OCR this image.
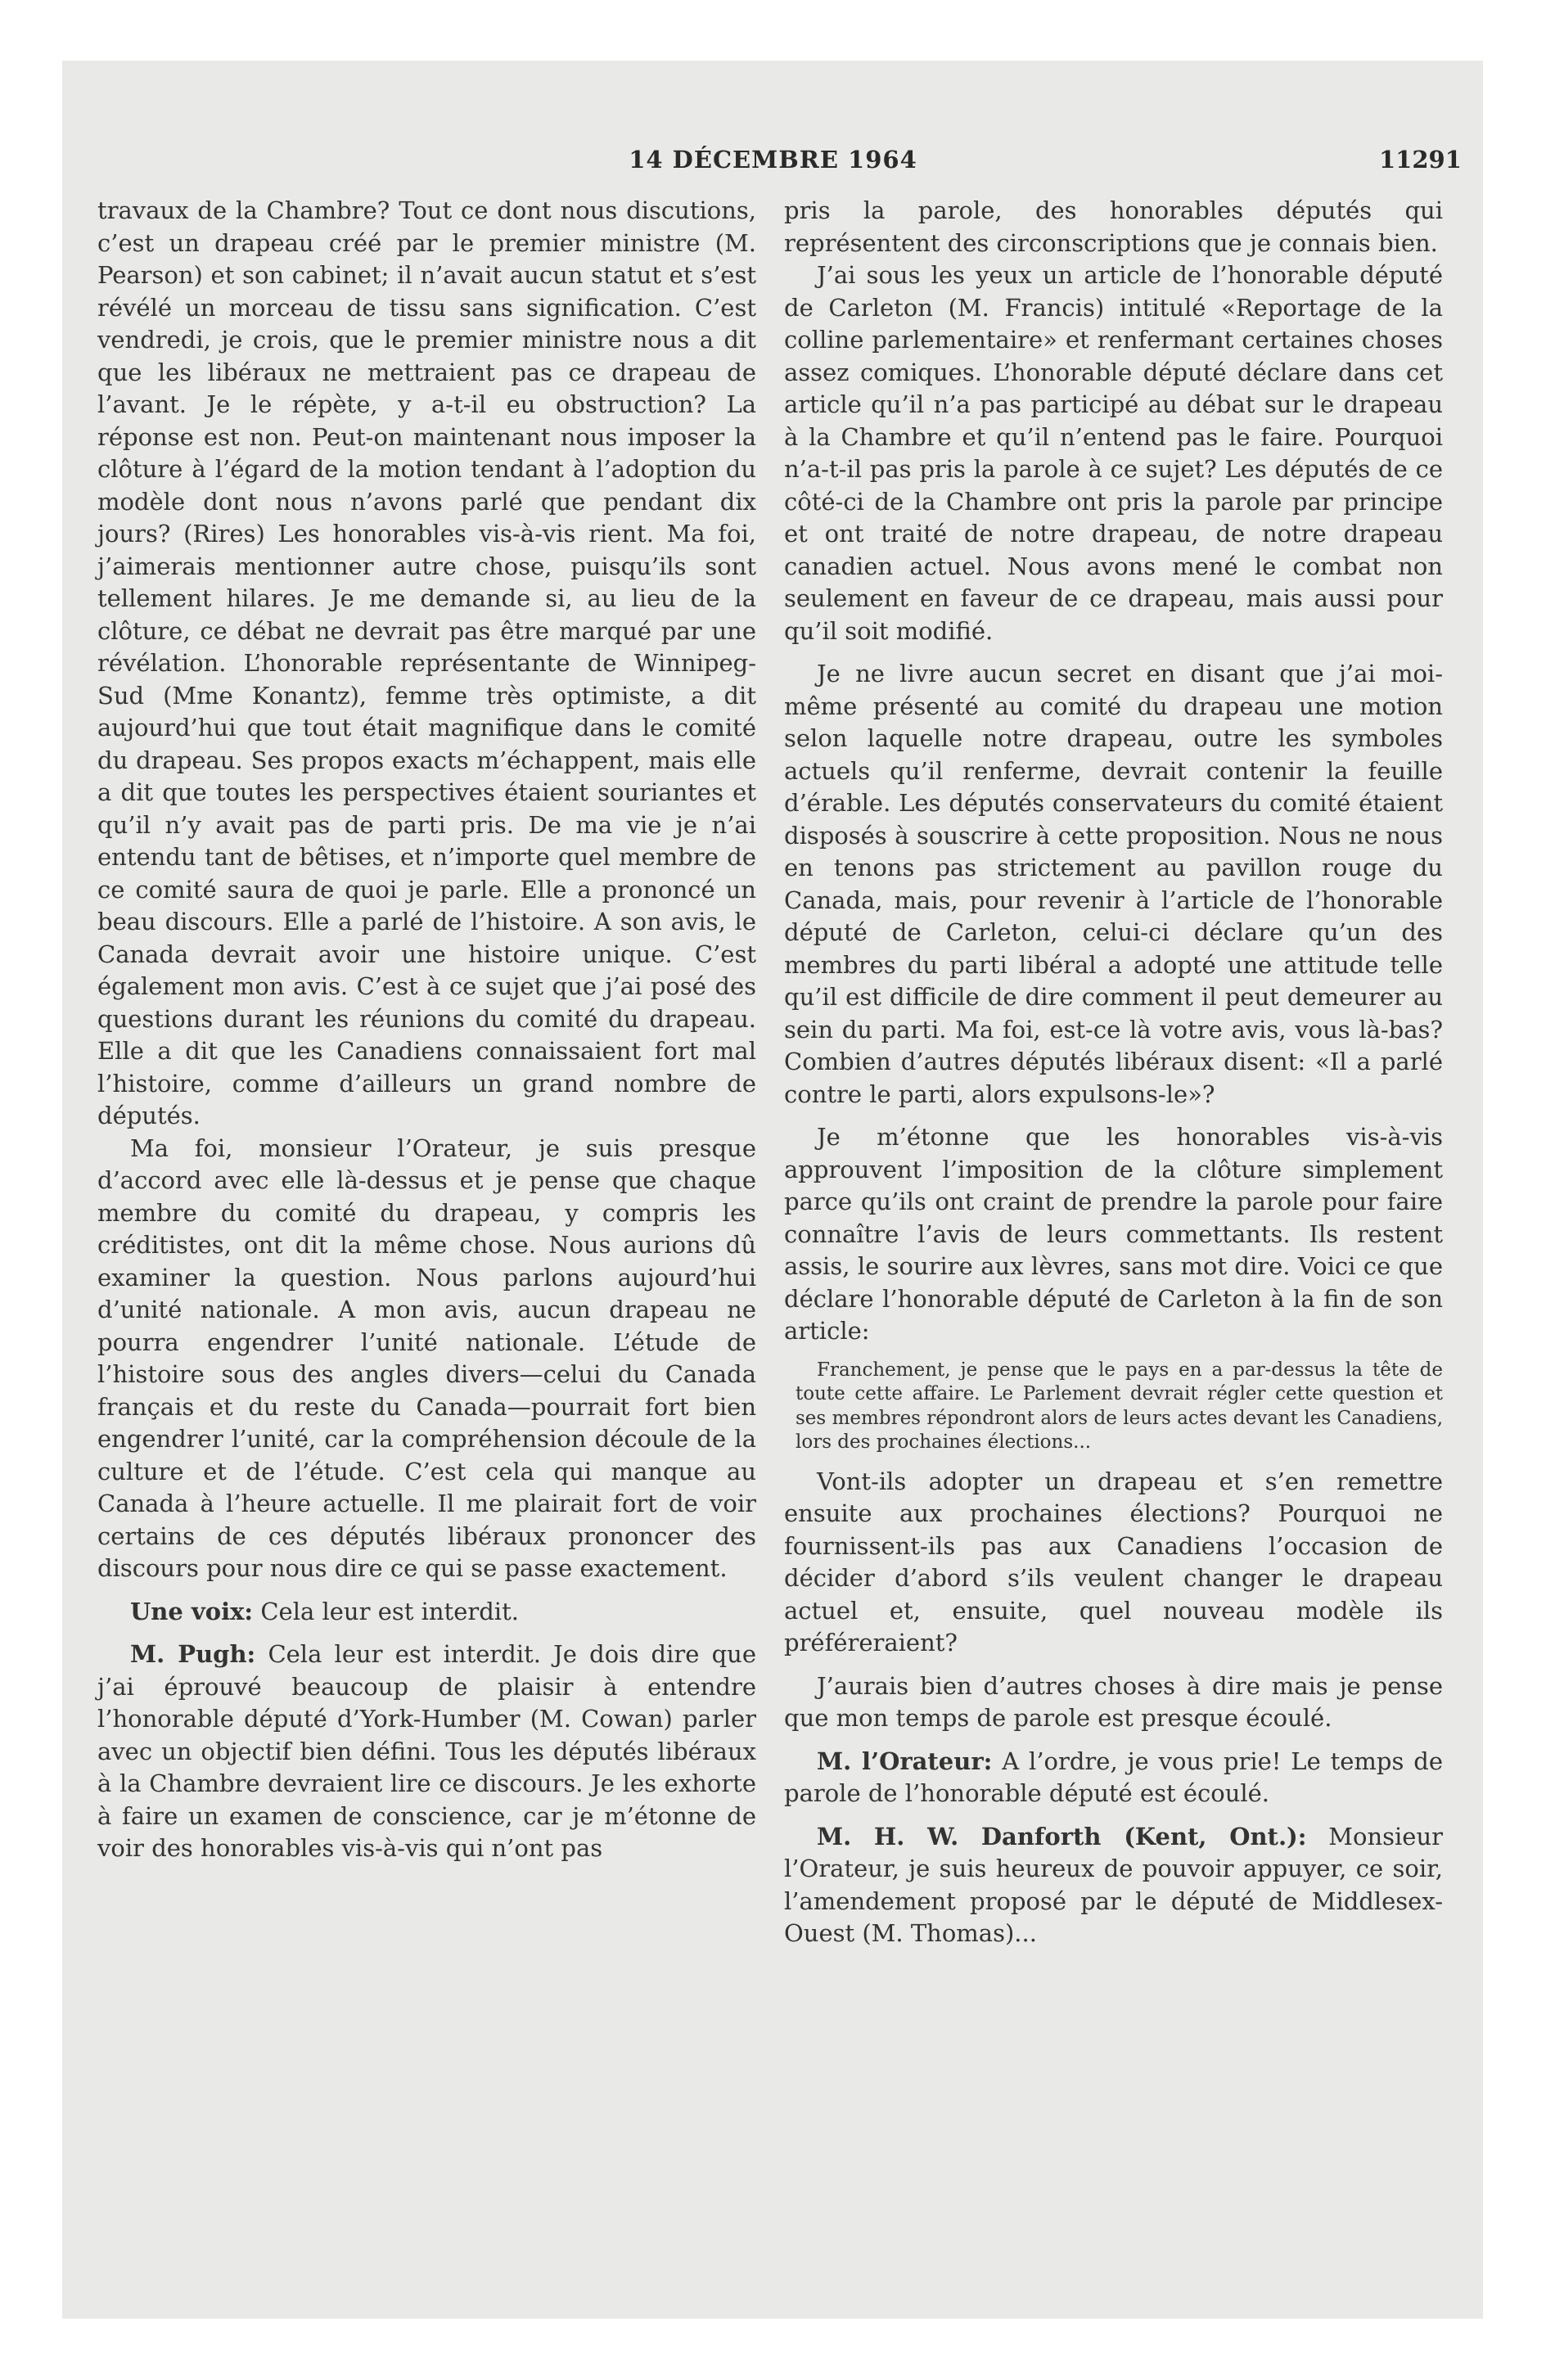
14 DÉCEMBRE 1964	11291

travaux de la Chambre? Tout ce dont nous discutions, c’est un drapeau créé par le premier ministre (M. Pearson) et son cabinet; il n’avait aucun statut et s’est révélé un morceau de tissu sans signification. C’est vendredi, je crois, que le premier ministre nous a dit que les libéraux ne mettraient pas ce drapeau de l’avant. Je le répète, y a-t-il eu obstruction? La réponse est non. Peut-on maintenant nous imposer la clôture à l’égard de la motion tendant à l’adoption du modèle dont nous n’avons parlé que pendant dix jours? (Rires) Les honorables vis-à-vis rient. Ma foi, j’aimerais mentionner autre chose, puisqu’ils sont tellement hilares. Je me demande si, au lieu de la clôture, ce débat ne devrait pas être marqué par une révélation. L’honorable représentante de Winnipeg-Sud (Mme Konantz), femme très optimiste, a dit aujourd’hui que tout était magnifique dans le comité du drapeau. Ses propos exacts m’échappent, mais elle a dit que toutes les perspectives étaient souriantes et qu’il n’y avait pas de parti pris. De ma vie je n’ai entendu tant de bêtises, et n’importe quel membre de ce comité saura de quoi je parle. Elle a prononcé un beau discours. Elle a parlé de l’histoire. A son avis, le Canada devrait avoir une histoire unique. C’est également mon avis. C’est à ce sujet que j’ai posé des questions durant les réunions du comité du drapeau. Elle a dit que les Canadiens connaissaient fort mal l’histoire, comme d’ailleurs un grand nombre de députés.

Ma foi, monsieur l’Orateur, je suis presque d’accord avec elle là-dessus et je pense que chaque membre du comité du drapeau, y compris les créditistes, ont dit la même chose. Nous aurions dû examiner la question. Nous parlons aujourd’hui d’unité nationale. A mon avis, aucun drapeau ne pourra engendrer l’unité nationale. L’étude de l’histoire sous des angles divers—celui du Canada français et du reste du Canada—pourrait fort bien engendrer l’unité, car la compréhension découle de la culture et de l’étude. C’est cela qui manque au Canada à l’heure actuelle. Il me plairait fort de voir certains de ces députés libéraux prononcer des discours pour nous dire ce qui se passe exactement.

Une voix: Cela leur est interdit.

M. Pugh: Cela leur est interdit. Je dois dire que j’ai éprouvé beaucoup de plaisir à entendre l’honorable député d’York-Humber (M. Cowan) parler avec un objectif bien défini. Tous les députés libéraux à la Chambre devraient lire ce discours. Je les exhorte à faire un examen de conscience, car je m’étonne de voir des honorables vis-à-vis qui n’ont pas

pris la parole, des honorables députés qui représentent des circonscriptions que je connais bien.

J’ai sous les yeux un article de l’honorable député de Carleton (M. Francis) intitulé «Reportage de la colline parlementaire» et renfermant certaines choses assez comiques. L’honorable député déclare dans cet article qu’il n’a pas participé au débat sur le drapeau à la Chambre et qu’il n’entend pas le faire. Pourquoi n’a-t-il pas pris la parole à ce sujet? Les députés de ce côté-ci de la Chambre ont pris la parole par principe et ont traité de notre drapeau, de notre drapeau canadien actuel. Nous avons mené le combat non seulement en faveur de ce drapeau, mais aussi pour qu’il soit modifié.

Je ne livre aucun secret en disant que j’ai moi-même présenté au comité du drapeau une motion selon laquelle notre drapeau, outre les symboles actuels qu’il renferme, devrait contenir la feuille d’érable. Les députés conservateurs du comité étaient disposés à souscrire à cette proposition. Nous ne nous en tenons pas strictement au pavillon rouge du Canada, mais, pour revenir à l’article de l’honorable député de Carleton, celui-ci déclare qu’un des membres du parti libéral a adopté une attitude telle qu’il est difficile de dire comment il peut demeurer au sein du parti. Ma foi, est-ce là votre avis, vous là-bas? Combien d’autres députés libéraux disent: «Il a parlé contre le parti, alors expulsons-le»?

Je m’étonne que les honorables vis-à-vis approuvent l’imposition de la clôture simplement parce qu’ils ont craint de prendre la parole pour faire connaître l’avis de leurs commettants. Ils restent assis, le sourire aux lèvres, sans mot dire. Voici ce que déclare l’honorable député de Carleton à la fin de son article:

Franchement, je pense que le pays en a par-dessus la tête de toute cette affaire. Le Parlement devrait régler cette question et ses membres répondront alors de leurs actes devant les Canadiens, lors des prochaines élections...

Vont-ils adopter un drapeau et s’en remettre ensuite aux prochaines élections? Pourquoi ne fournissent-ils pas aux Canadiens l’occasion de décider d’abord s’ils veulent changer le drapeau actuel et, ensuite, quel nouveau modèle ils préféreraient?

J’aurais bien d’autres choses à dire mais je pense que mon temps de parole est presque écoulé.

M. l’Orateur: A l’ordre, je vous prie! Le temps de parole de l’honorable député est écoulé.

M. H. W. Danforth (Kent, Ont.): Monsieur l’Orateur, je suis heureux de pouvoir appuyer, ce soir, l’amendement proposé par le député de Middlesex-Ouest (M. Thomas)...
